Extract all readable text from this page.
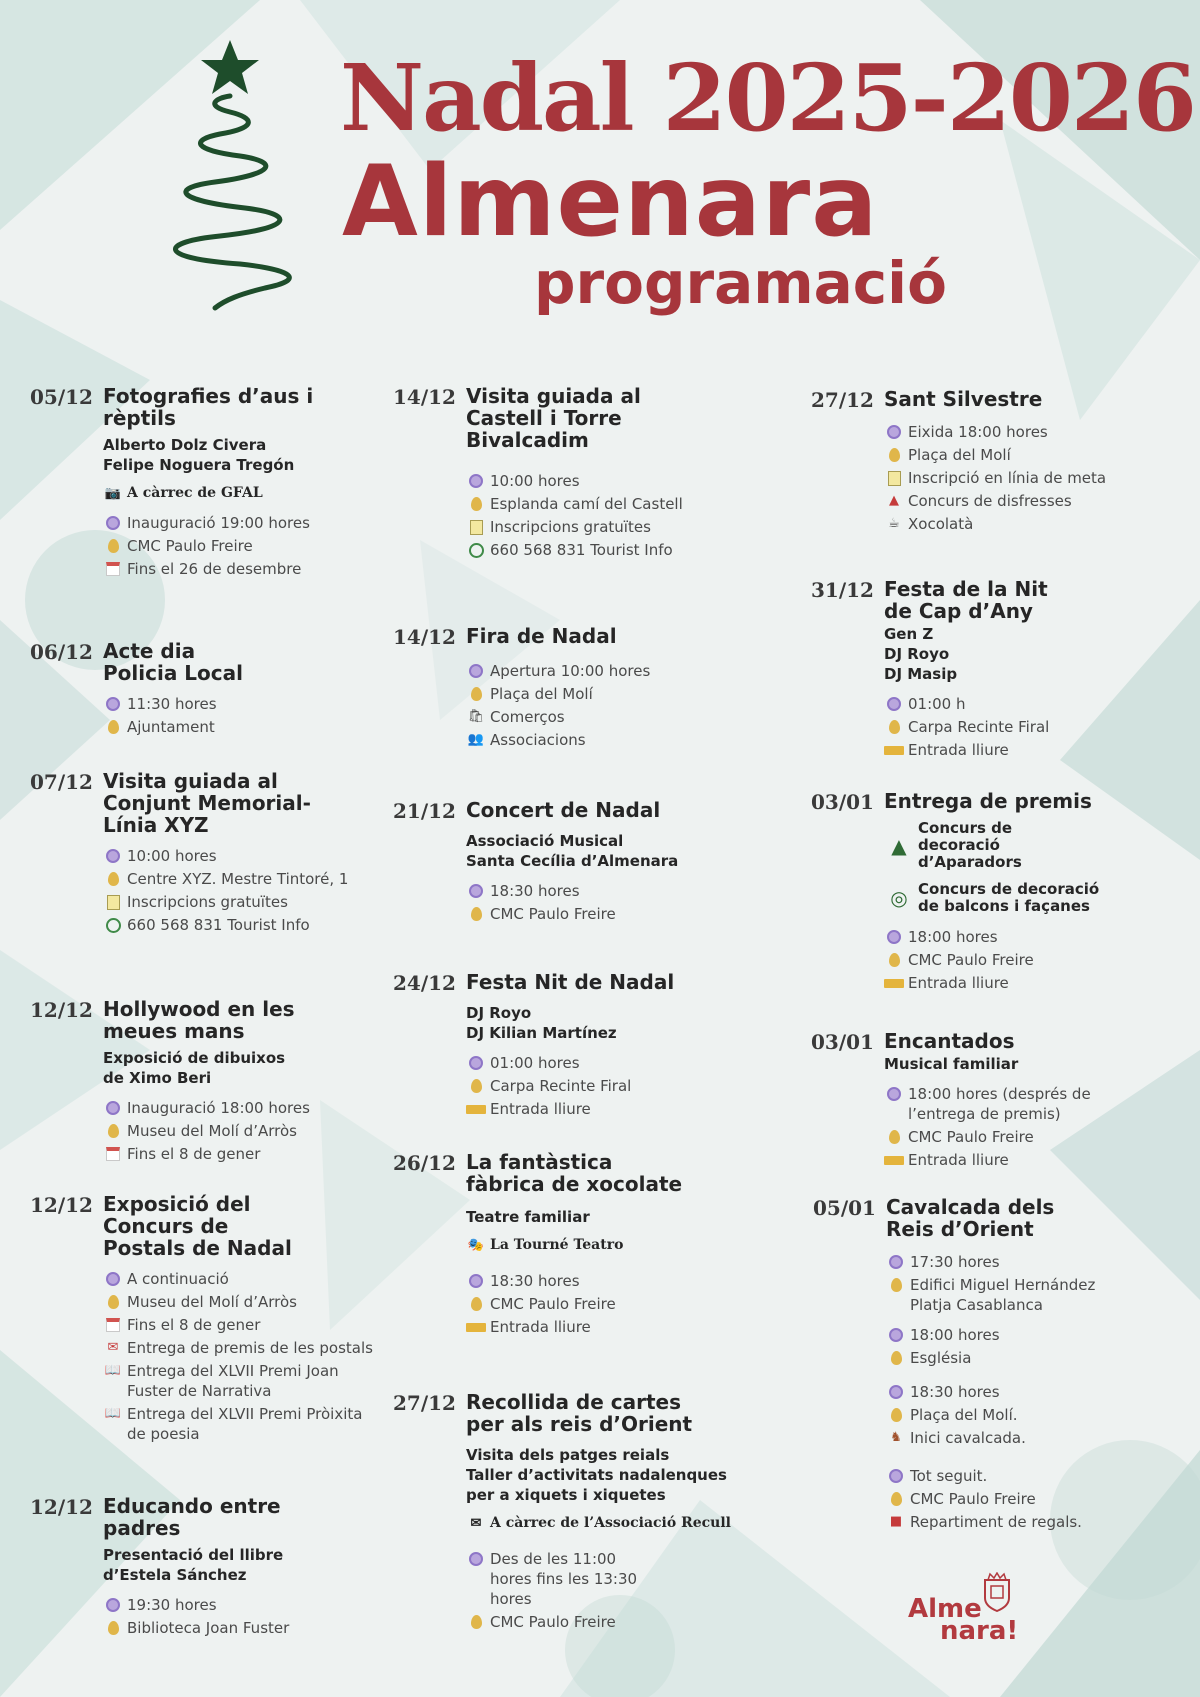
Nadal 2025-2026
Almenara
programació
05/12 Fotografies d’aus i rèptils
Alberto Dolz Civera
Felipe Noguera Tregón
📷 A càrrec de GFAL
Inauguració 19:00 hores
CMC Paulo Freire
Fins el 26 de desembre
06/12 Acte dia Policia Local
11:30 hores
Ajuntament
07/12 Visita guiada al Conjunt Memorial-Línia XYZ
10:00 hores
Centre XYZ. Mestre Tintoré, 1
Inscripcions gratuïtes
660 568 831 Tourist Info
12/12 Hollywood en les meues mans
Exposició de dibuixos
de Ximo Beri
Inauguració 18:00 hores
Museu del Molí d’Arròs
Fins el 8 de gener
12/12 Exposició del Concurs de Postals de Nadal
A continuació
Museu del Molí d’Arròs
Fins el 8 de gener
✉ Entrega de premis de les postals
📖 Entrega del XLVII Premi Joan Fuster de Narrativa
📖 Entrega del XLVII Premi Pròixita de poesia
12/12 Educando entre padres
Presentació del llibre
d’Estela Sánchez
19:30 hores
Biblioteca Joan Fuster
14/12 Visita guiada al Castell i Torre Bivalcadim
10:00 hores
Esplanda camí del Castell
Inscripcions gratuïtes
660 568 831 Tourist Info
14/12 Fira de Nadal
Apertura 10:00 hores
Plaça del Molí
🛍 Comerços
👥 Associacions
21/12 Concert de Nadal
Associació Musical
Santa Cecília d’Almenara
18:30 hores
CMC Paulo Freire
24/12 Festa Nit de Nadal
DJ Royo
DJ Kilian Martínez
01:00 hores
Carpa Recinte Firal
Entrada lliure
26/12 La fantàstica fàbrica de xocolate
Teatre familiar
🎭 La Tourné Teatro
18:30 hores
CMC Paulo Freire
Entrada lliure
27/12 Recollida de cartes per als reis d’Orient
Visita dels patges reials
Taller d’activitats nadalenques
per a xiquets i xiquetes
✉ A càrrec de l’Associació Recull
Des de les 11:00 hores fins les 13:30 hores
CMC Paulo Freire
27/12 Sant Silvestre
Eixida 18:00 hores
Plaça del Molí
Inscripció en línia de meta
▲ Concurs de disfresses
☕ Xocolatà
31/12 Festa de la Nit de Cap d’Any
Gen Z
DJ Royo
DJ Masip
01:00 h
Carpa Recinte Firal
Entrada lliure
03/01 Entrega de premis
▲
Concurs de decoració d’Aparadors
◎ Concurs de decoració de balcons i façanes
18:00 hores
CMC Paulo Freire
Entrada lliure
03/01 Encantados
Musical familiar
18:00 hores (després de l’entrega de premis)
CMC Paulo Freire
Entrada lliure
05/01 Cavalcada dels Reis d’Orient
17:30 hores
Edifici Miguel Hernández Platja Casablanca
18:00 hores
Església
18:30 hores
Plaça del Molí.
♞ Inici cavalcada.
Tot seguit.
CMC Paulo Freire
■ Repartiment de regals.
Alme
nara!
